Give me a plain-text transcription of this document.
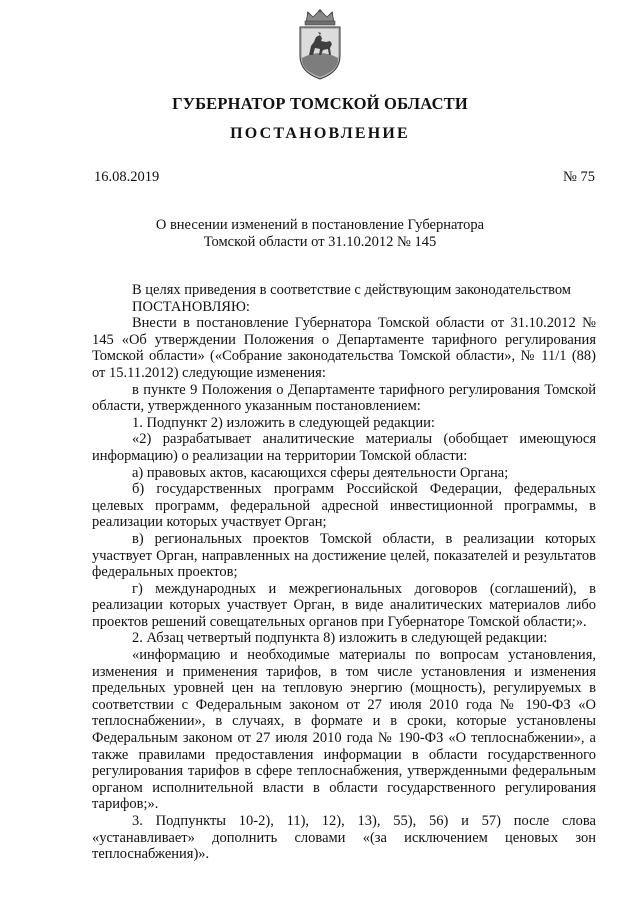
ГУБЕРНАТОР ТОМСКОЙ ОБЛАСТИ
ПОСТАНОВЛЕНИЕ
16.08.2019	№ 75
О внесении изменений в постановление Губернатора
Томской области от 31.10.2012 № 145

В целях приведения в соответствие с действующим законодательством

ПОСТАНОВЛЯЮ:

Внести в постановление Губернатора Томской области от 31.10.2012 № 145 «Об утверждении Положения о Департаменте тарифного регулирования Томской области» («Собрание законодательства Томской области», № 11/1 (88) от 15.11.2012) следующие изменения:

в пункте 9 Положения о Департаменте тарифного регулирования Томской области, утвержденного указанным постановлением:

1. Подпункт 2) изложить в следующей редакции:

«2) разрабатывает аналитические материалы (обобщает имеющуюся информацию) о реализации на территории Томской области:

а) правовых актов, касающихся сферы деятельности Органа;

б) государственных программ Российской Федерации, федеральных целевых программ, федеральной адресной инвестиционной программы, в реализации которых участвует Орган;

в) региональных проектов Томской области, в реализации которых участвует Орган, направленных на достижение целей, показателей и результатов федеральных проектов;

г) международных и межрегиональных договоров (соглашений), в реализации которых участвует Орган, в виде аналитических материалов либо проектов решений совещательных органов при Губернаторе Томской области;».

2. Абзац четвертый подпункта 8) изложить в следующей редакции:

«информацию и необходимые материалы по вопросам установления, изменения и применения тарифов, в том числе установления и изменения предельных уровней цен на тепловую энергию (мощность), регулируемых в соответствии с Федеральным законом от 27 июля 2010 года № 190-ФЗ «О теплоснабжении», в случаях, в формате и в сроки, которые установлены Федеральным законом от 27 июля 2010 года № 190-ФЗ «О теплоснабжении», а также правилами предоставления информации в области государственного регулирования тарифов в сфере теплоснабжения, утвержденными федеральным органом исполнительной власти в области государственного регулирования тарифов;».

3. Подпункты 10-2), 11), 12), 13), 55), 56) и 57) после слова «устанавливает» дополнить словами «(за исключением ценовых зон теплоснабжения)».
